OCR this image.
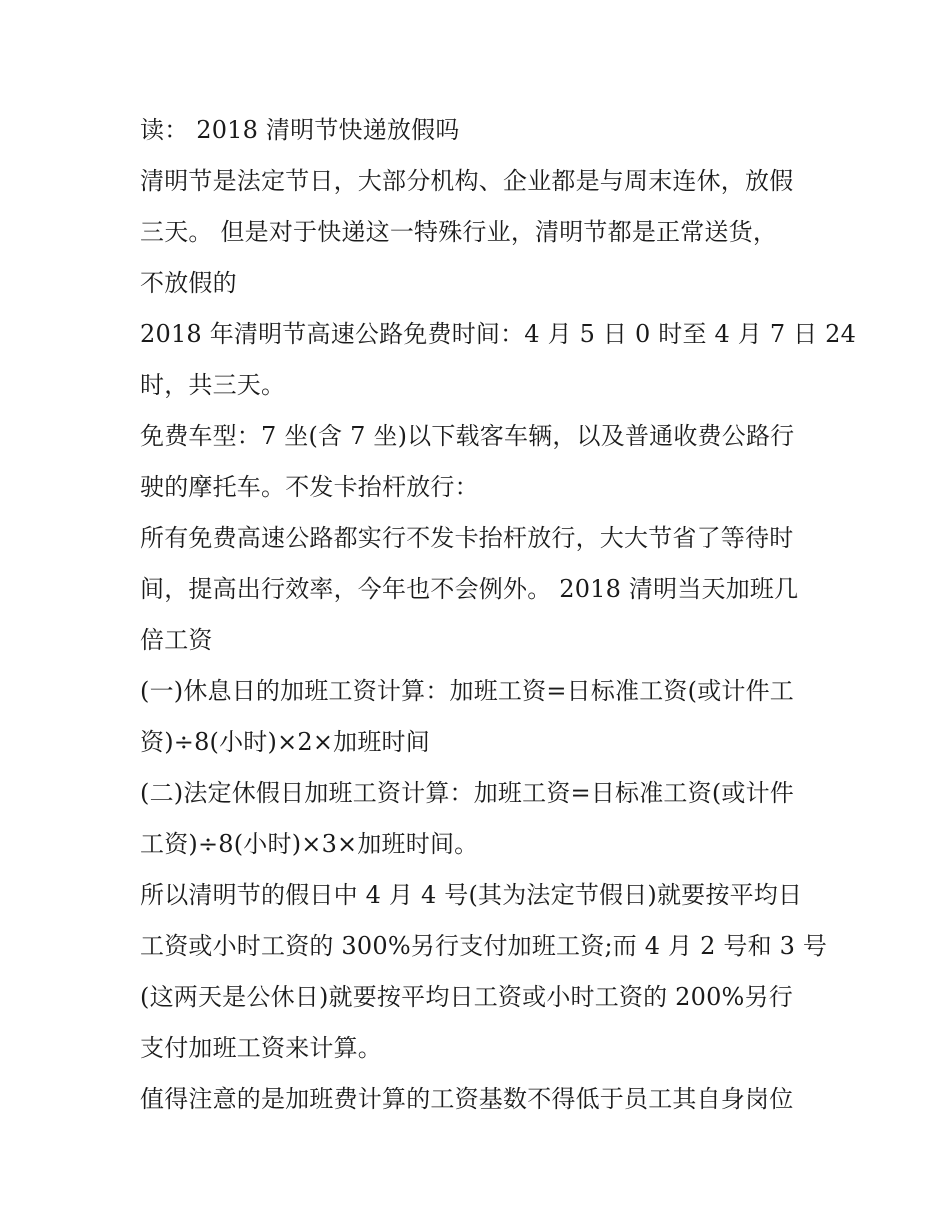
读： 2018 清明节快递放假吗
清明节是法定节日，大部分机构、企业都是与周末连休，放假
三天。 但是对于快递这一特殊行业，清明节都是正常送货，
不放假的
2018 年清明节高速公路免费时间：4 月 5 日 0 时至 4 月 7 日 24
时，共三天。
免费车型：7 坐(含 7 坐)以下载客车辆，以及普通收费公路行
驶的摩托车。不发卡抬杆放行：
所有免费高速公路都实行不发卡抬杆放行，大大节省了等待时
间，提高出行效率，今年也不会例外。 2018 清明当天加班几
倍工资
(一)休息日的加班工资计算：加班工资=日标准工资(或计件工
资)÷8(小时)×2×加班时间
(二)法定休假日加班工资计算：加班工资=日标准工资(或计件
工资)÷8(小时)×3×加班时间。
所以清明节的假日中 4 月 4 号(其为法定节假日)就要按平均日
工资或小时工资的 300%另行支付加班工资;而 4 月 2 号和 3 号
(这两天是公休日)就要按平均日工资或小时工资的 200%另行
支付加班工资来计算。
值得注意的是加班费计算的工资基数不得低于员工其自身岗位
